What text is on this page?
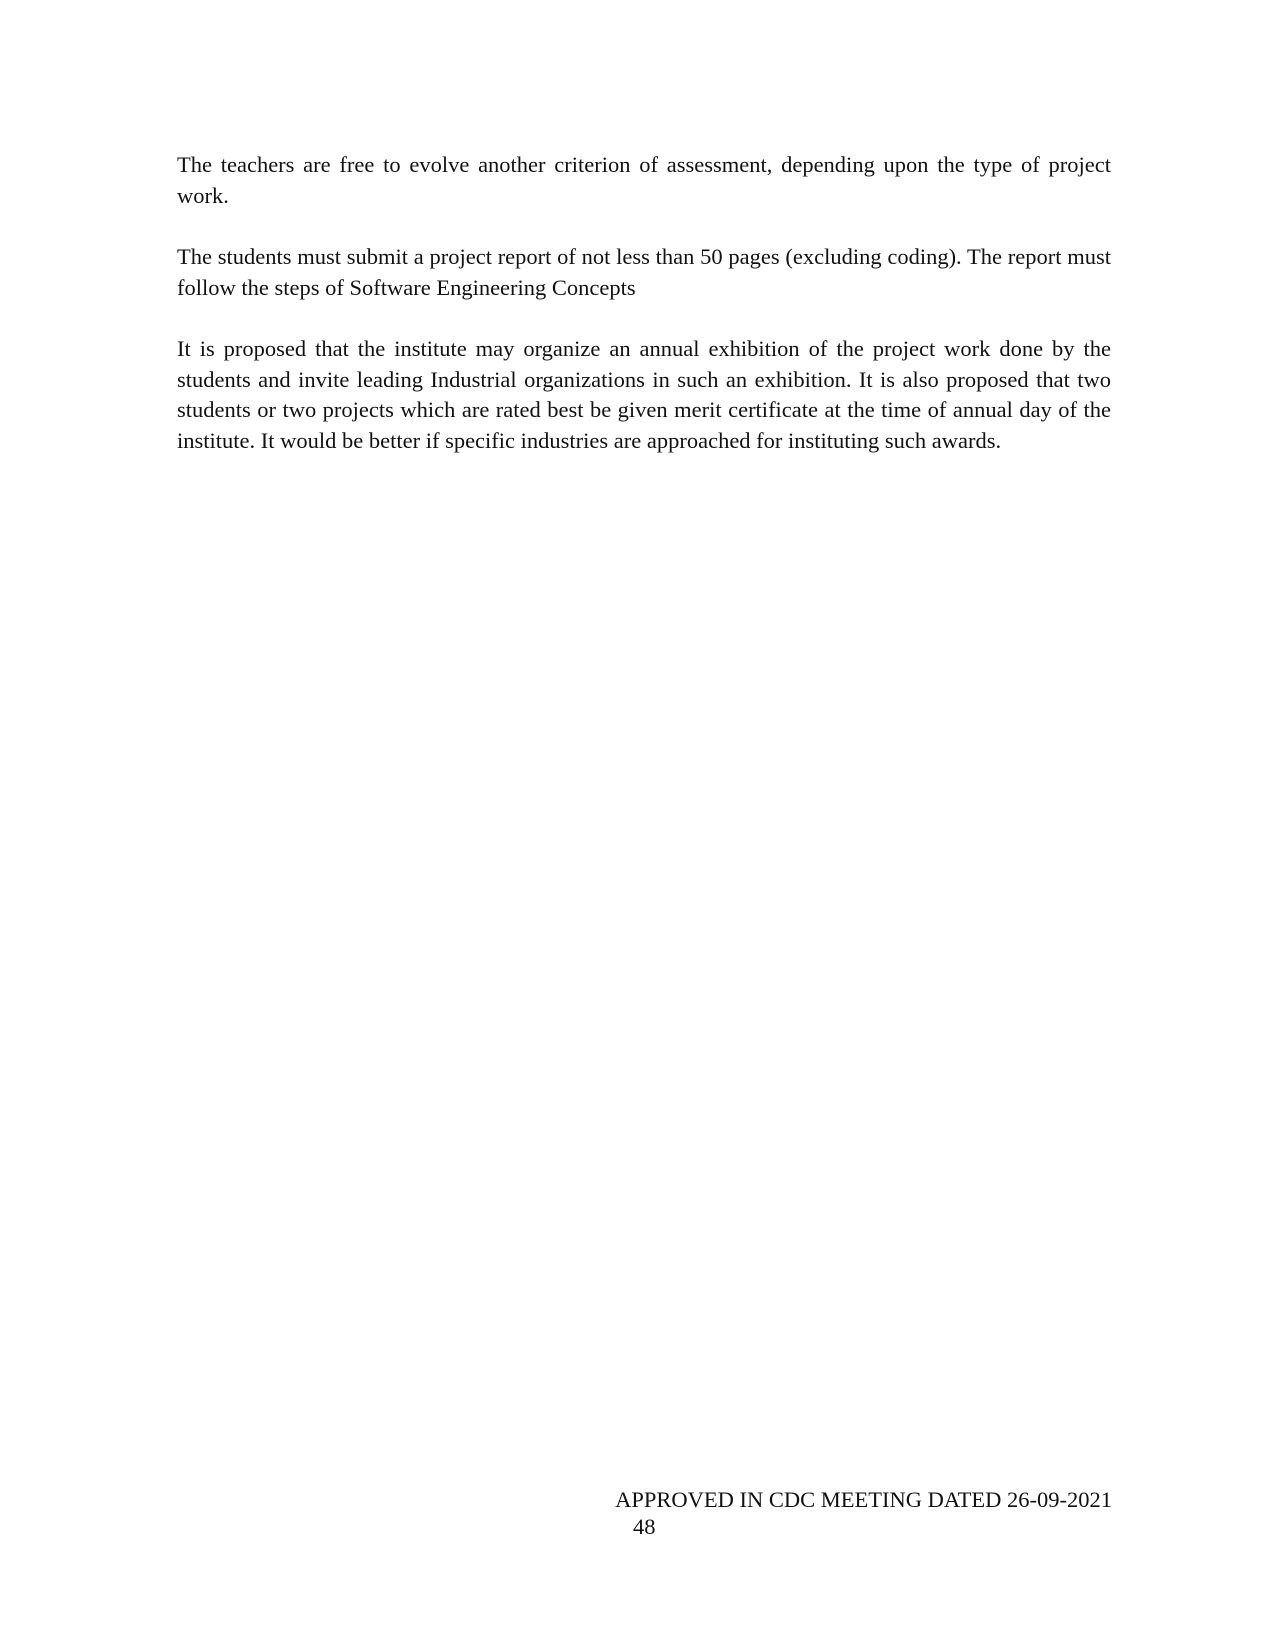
The teachers are free to evolve another criterion of assessment, depending upon the type of project work.

The students must submit a project report of not less than 50 pages (excluding coding). The report must follow the steps of Software Engineering Concepts

It is proposed that the institute may organize an annual exhibition of the project work done by the students and invite leading Industrial organizations in such an exhibition. It is also proposed that two students or two projects which are rated best be given merit certificate at the time of annual day of the institute. It would be better if specific industries are approached for instituting such awards.

APPROVED IN CDC MEETING DATED 26-09-2021
48
